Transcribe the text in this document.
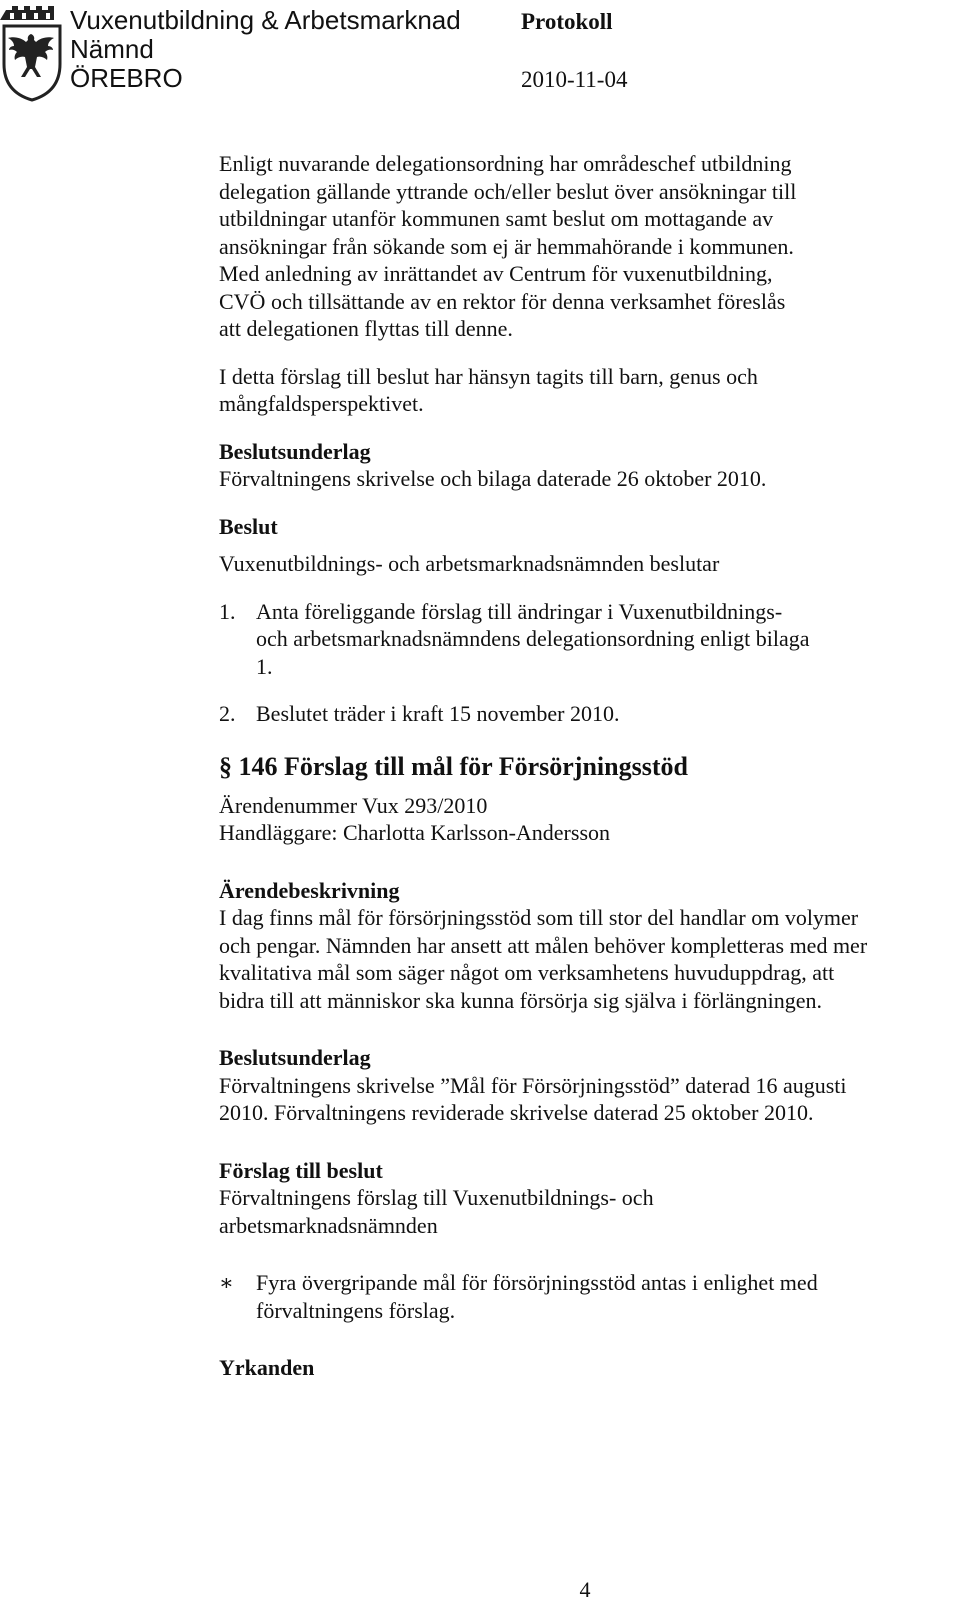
Vuxenutbildning & Arbetsmarknad
Nämnd
ÖREBRO
Protokoll
2010-11-04

Enligt nuvarande delegationsordning har områdeschef utbildning
delegation gällande yttrande och/eller beslut över ansökningar till
utbildningar utanför kommunen samt beslut om mottagande av
ansökningar från sökande som ej är hemmahörande i kommunen.
Med anledning av inrättandet av Centrum för vuxenutbildning,
CVÖ och tillsättande av en rektor för denna verksamhet föreslås
att delegationen flyttas till denne.

I detta förslag till beslut har hänsyn tagits till barn, genus och
mångfaldsperspektivet.

Beslutsunderlag

Förvaltningens skrivelse och bilaga daterade 26 oktober 2010.

Beslut

Vuxenutbildnings- och arbetsmarknadsnämnden beslutar

1. Anta föreliggande förslag till ändringar i Vuxenutbildnings-
och arbetsmarknadsnämndens delegationsordning enligt bilaga
1.
2. Beslutet träder i kraft 15 november 2010.

§ 146 Förslag till mål för Försörjningsstöd

Ärendenummer Vux 293/2010

Handläggare: Charlotta Karlsson-Andersson

Ärendebeskrivning

I dag finns mål för försörjningsstöd som till stor del handlar om volymer
och pengar. Nämnden har ansett att målen behöver kompletteras med mer
kvalitativa mål som säger något om verksamhetens huvuduppdrag, att
bidra till att människor ska kunna försörja sig själva i förlängningen.

Beslutsunderlag

Förvaltningens skrivelse ”Mål för Försörjningsstöd” daterad 16 augusti
2010. Förvaltningens reviderade skrivelse daterad 25 oktober 2010.

Förslag till beslut

Förvaltningens förslag till Vuxenutbildnings- och
arbetsmarknadsnämnden

∗ Fyra övergripande mål för försörjningsstöd antas i enlighet med
förvaltningens förslag.

Yrkanden

4
